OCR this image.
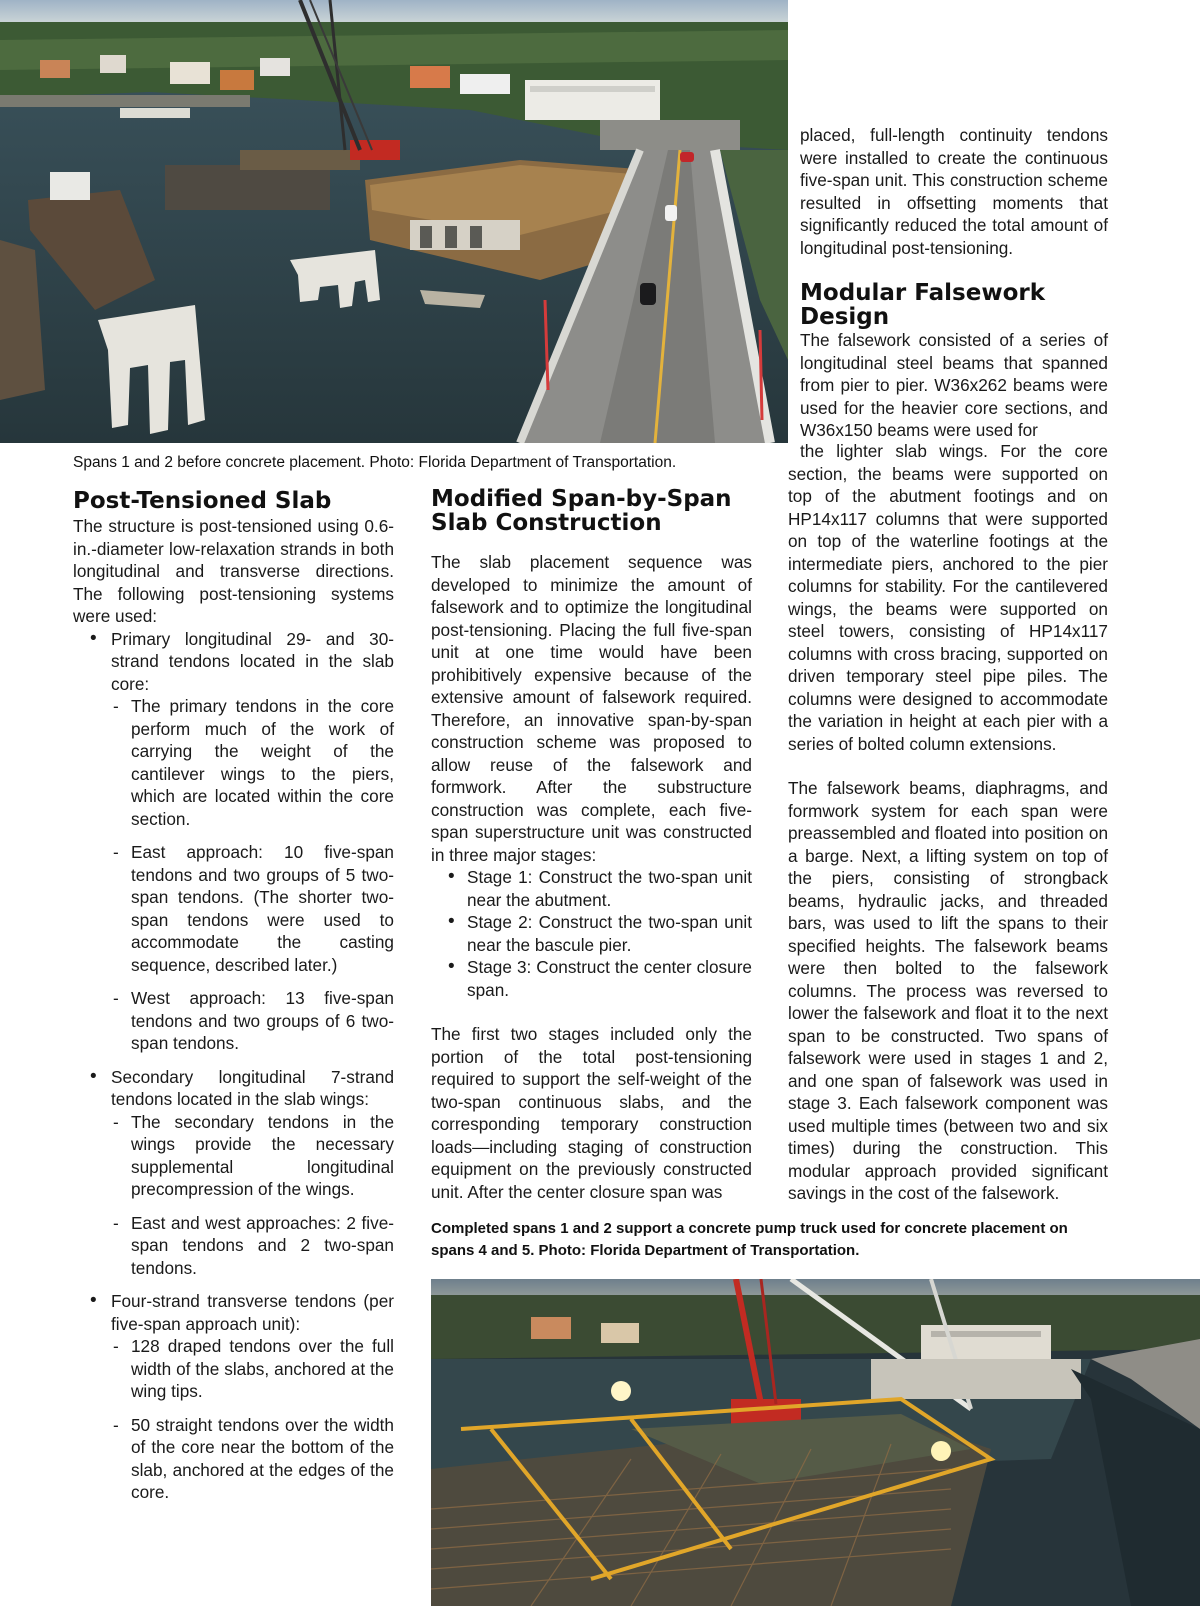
Spans 1 and 2 before concrete placement. Photo: Florida Department of Transportation.
Post-Tensioned Slab

The structure is post-tensioned using 0.6-in.-diameter low-relaxation strands in both longitudinal and transverse directions. The following post-tensioning systems were used:

• Primary longitudinal 29- and 30-strand tendons located in the slab core:
- The primary tendons in the core perform much of the work of carrying the weight of the cantilever wings to the piers, which are located within the core section.
- East approach: 10 five-span tendons and two groups of 5 two-span tendons. (The shorter two-span tendons were used to accommodate the casting sequence, described later.)
- West approach: 13 five-span tendons and two groups of 6 two-span tendons.
• Secondary longitudinal 7-strand tendons located in the slab wings:
- The secondary tendons in the wings provide the necessary supplemental longitudinal precompression of the wings.
- East and west approaches: 2 five-span tendons and 2 two-span tendons.
• Four-strand transverse tendons (per five-span approach unit):
- 128 draped tendons over the full width of the slabs, anchored at the wing tips.
- 50 straight tendons over the width of the core near the bottom of the slab, anchored at the edges of the core.
Modified Span-by-Span
Slab Construction

The slab placement sequence was developed to minimize the amount of falsework and to optimize the longitudinal post-tensioning. Placing the full five-span unit at one time would have been prohibitively expensive because of the extensive amount of falsework required. Therefore, an innovative span-by-span construction scheme was proposed to allow reuse of the falsework and formwork. After the substructure construction was complete, each five-span superstructure unit was constructed in three major stages:

• Stage 1: Construct the two-span unit near the abutment.
• Stage 2: Construct the two-span unit near the bascule pier.
• Stage 3: Construct the center closure span.

The first two stages included only the portion of the total post-tensioning required to support the self-weight of the two-span continuous slabs, and the corresponding temporary construction loads—including staging of construction equipment on the previously constructed unit. After the center closure span was

placed, full-length continuity tendons were installed to create the continuous five-span unit. This construction scheme resulted in offsetting moments that significantly reduced the total amount of longitudinal post-tensioning.

Modular Falsework
Design

The falsework consisted of a series of longitudinal steel beams that spanned from pier to pier. W36x262 beams were used for the heavier core sections, and W36x150 beams were used for

the lighter slab wings. For the core section, the beams were supported on top of the abutment footings and on HP14x117 columns that were supported on top of the waterline footings at the intermediate piers, anchored to the pier columns for stability. For the cantilevered wings, the beams were supported on steel towers, consisting of HP14x117 columns with cross bracing, supported on driven temporary steel pipe piles. The columns were designed to accommodate the variation in height at each pier with a series of bolted column extensions.

The falsework beams, diaphragms, and formwork system for each span were preassembled and floated into position on a barge. Next, a lifting system on top of the piers, consisting of strongback beams, hydraulic jacks, and threaded bars, was used to lift the spans to their specified heights. The falsework beams were then bolted to the falsework columns. The process was reversed to lower the falsework and float it to the next span to be constructed. Two spans of falsework were used in stages 1 and 2, and one span of falsework was used in stage 3. Each falsework component was used multiple times (between two and six times) during the construction. This modular approach provided significant savings in the cost of the falsework.

Completed spans 1 and 2 support a concrete pump truck used for concrete placement on spans 4 and 5. Photo: Florida Department of Transportation.
